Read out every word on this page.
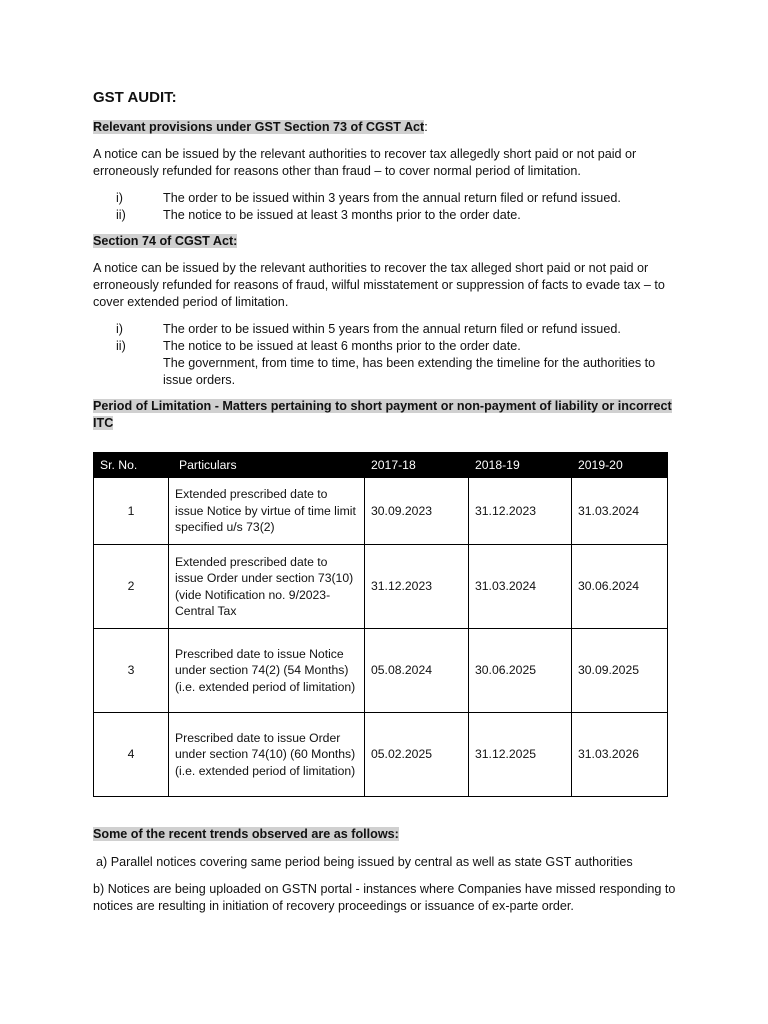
GST AUDIT:
Relevant provisions under GST Section 73 of CGST Act:

A notice can be issued by the relevant authorities to recover tax allegedly short paid or not paid or erroneously refunded for reasons other than fraud – to cover normal period of limitation.

i)	The order to be issued within 3 years from the annual return filed or refund issued.
ii)	The notice to be issued at least 3 months prior to the order date.
Section 74 of CGST Act:

A notice can be issued by the relevant authorities to recover the tax alleged short paid or not paid or erroneously refunded for reasons of fraud, wilful misstatement or suppression of facts to evade tax – to cover extended period of limitation.

i)	The order to be issued within 5 years from the annual return filed or refund issued.
ii)	The notice to be issued at least 6 months prior to the order date.
The government, from time to time, has been extending the timeline for the authorities to issue orders.
Period of Limitation - Matters pertaining to short payment or non-payment of liability or incorrect ITC
Sr. No.	Particulars	2017-18	2018-19	2019-20
1	Extended prescribed date to issue Notice by virtue of time limit specified u/s 73(2)	30.09.2023	31.12.2023	31.03.2024
2	Extended prescribed date to issue Order under section 73(10) (vide Notification no. 9/2023-Central Tax	31.12.2023	31.03.2024	30.06.2024
3	Prescribed date to issue Notice under section 74(2) (54 Months) (i.e. extended period of limitation)	05.08.2024	30.06.2025	30.09.2025
4	Prescribed date to issue Order under section 74(10) (60 Months) (i.e. extended period of limitation)	05.02.2025	31.12.2025	31.03.2026
Some of the recent trends observed are as follows:

a) Parallel notices covering same period being issued by central as well as state GST authorities

b) Notices are being uploaded on GSTN portal - instances where Companies have missed responding to notices are resulting in initiation of recovery proceedings or issuance of ex-parte order.
